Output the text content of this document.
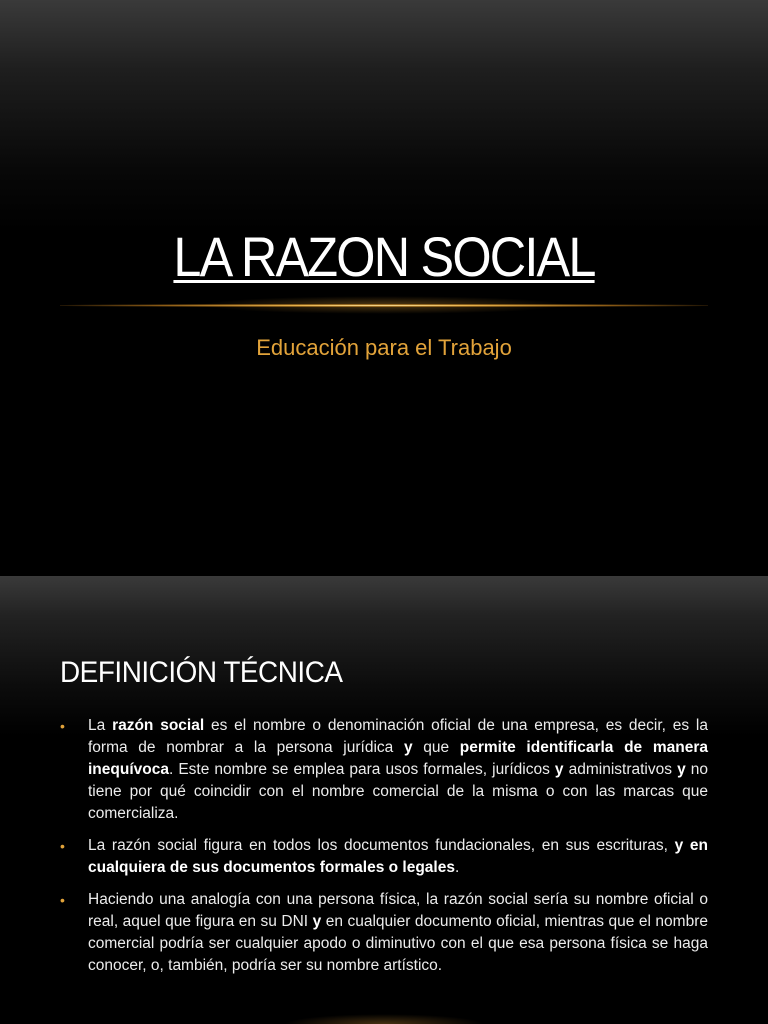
LA RAZON SOCIAL
Educación para el Trabajo
DEFINICIÓN TÉCNICA
• La razón social es el nombre o denominación oficial de una empresa, es decir, es la forma de nombrar a la persona jurídica y que permite identificarla de manera inequívoca. Este nombre se emplea para usos formales, jurídicos y administrativos y no tiene por qué coincidir con el nombre comercial de la misma o con las marcas que comercializa.
• La razón social figura en todos los documentos fundacionales, en sus escrituras, y en cualquiera de sus documentos formales o legales.
• Haciendo una analogía con una persona física, la razón social sería su nombre oficial o real, aquel que figura en su DNI y en cualquier documento oficial, mientras que el nombre comercial podría ser cualquier apodo o diminutivo con el que esa persona física se haga conocer, o, también, podría ser su nombre artístico.
